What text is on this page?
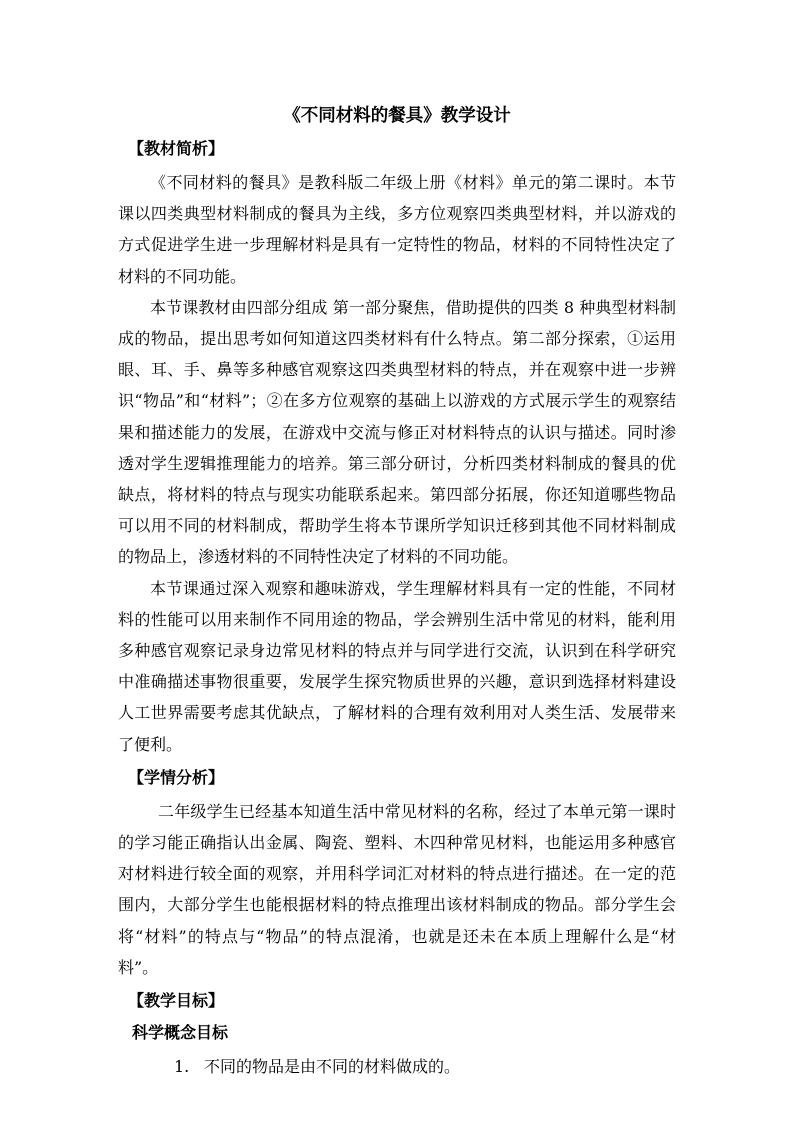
《不同材料的餐具》教学设计
【教材简析】

《不同材料的餐具》是教科版二年级上册《材料》单元的第二课时。本节课以四类典型材料制成的餐具为主线，多方位观察四类典型材料，并以游戏的方式促进学生进一步理解材料是具有一定特性的物品，材料的不同特性决定了材料的不同功能。

本节课教材由四部分组成 第一部分聚焦，借助提供的四类 8 种典型材料制成的物品，提出思考如何知道这四类材料有什么特点。第二部分探索，①运用眼、耳、手、鼻等多种感官观察这四类典型材料的特点，并在观察中进一步辨识“物品”和“材料”；②在多方位观察的基础上以游戏的方式展示学生的观察结果和描述能力的发展，在游戏中交流与修正对材料特点的认识与描述。同时渗透对学生逻辑推理能力的培养。第三部分研讨，分析四类材料制成的餐具的优缺点，将材料的特点与现实功能联系起来。第四部分拓展，你还知道哪些物品可以用不同的材料制成，帮助学生将本节课所学知识迁移到其他不同材料制成的物品上，渗透材料的不同特性决定了材料的不同功能。

本节课通过深入观察和趣味游戏，学生理解材料具有一定的性能，不同材料的性能可以用来制作不同用途的物品，学会辨别生活中常见的材料，能利用多种感官观察记录身边常见材料的特点并与同学进行交流，认识到在科学研究中准确描述事物很重要，发展学生探究物质世界的兴趣，意识到选择材料建设人工世界需要考虑其优缺点，了解材料的合理有效利用对人类生活、发展带来了便利。

【学情分析】

二年级学生已经基本知道生活中常见材料的名称，经过了本单元第一课时的学习能正确指认出金属、陶瓷、塑料、木四种常见材料，也能运用多种感官对材料进行较全面的观察，并用科学词汇对材料的特点进行描述。在一定的范围内，大部分学生也能根据材料的特点推理出该材料制成的物品。部分学生会将“材料”的特点与“物品”的特点混淆，也就是还未在本质上理解什么是“材料”。

【教学目标】
科学概念目标
1. 不同的物品是由不同的材料做成的。
